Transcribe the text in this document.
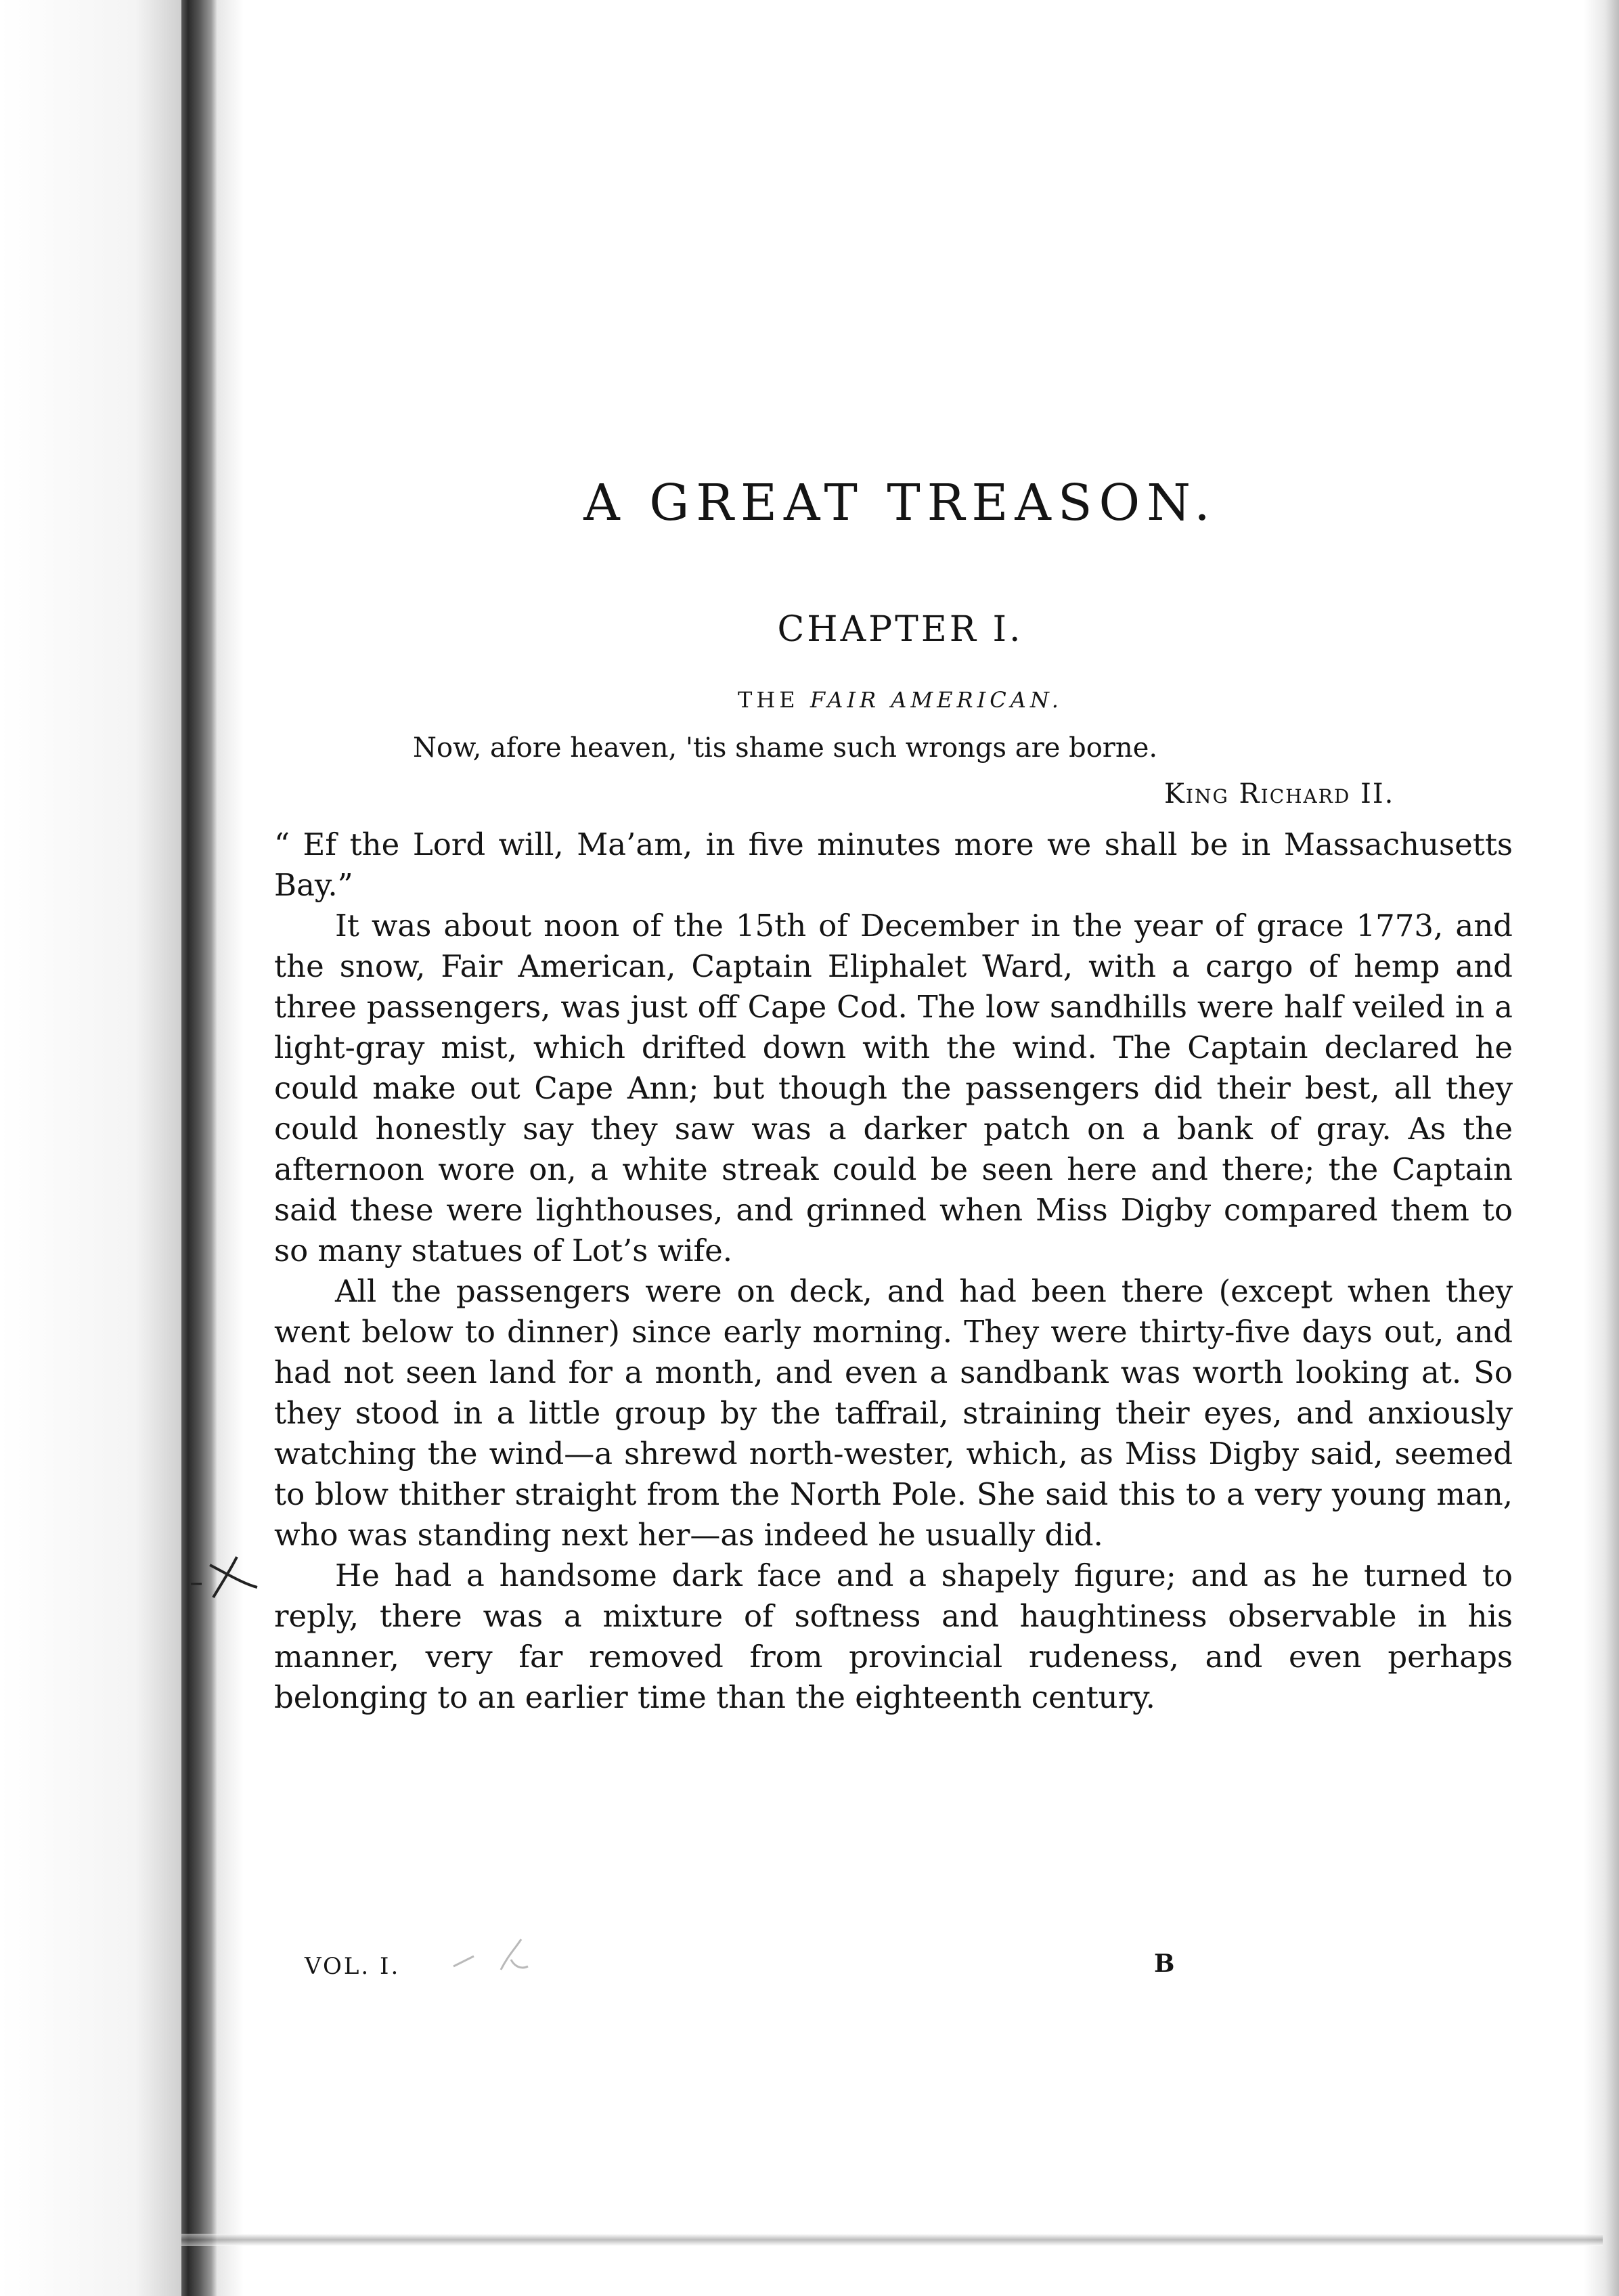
A GREAT TREASON.
CHAPTER I.

THE FAIR AMERICAN.

Now, afore heaven, 'tis shame such wrongs are borne.

King Richard II.

“ Ef the Lord will, Ma’am, in five minutes more we shall be in Massachusetts Bay.”

It was about noon of the 15th of December in the year of grace 1773, and the snow, Fair American, Captain Eliphalet Ward, with a cargo of hemp and three passengers, was just off Cape Cod. The low sandhills were half veiled in a light-gray mist, which drifted down with the wind. The Captain declared he could make out Cape Ann; but though the passengers did their best, all they could honestly say they saw was a darker patch on a bank of gray. As the afternoon wore on, a white streak could be seen here and there; the Captain said these were lighthouses, and grinned when Miss Digby compared them to so many statues of Lot’s wife.

All the passengers were on deck, and had been there (except when they went below to dinner) since early morning. They were thirty-five days out, and had not seen land for a month, and even a sandbank was worth looking at. So they stood in a little group by the taffrail, straining their eyes, and anxiously watching the wind—a shrewd north-wester, which, as Miss Digby said, seemed to blow thither straight from the North Pole. She said this to a very young man, who was standing next her—as indeed he usually did.

He had a handsome dark face and a shapely figure; and as he turned to reply, there was a mixture of softness and haughtiness observable in his manner, very far removed from provincial rudeness, and even perhaps belonging to an earlier time than the eighteenth century.

VOL. I.	B
